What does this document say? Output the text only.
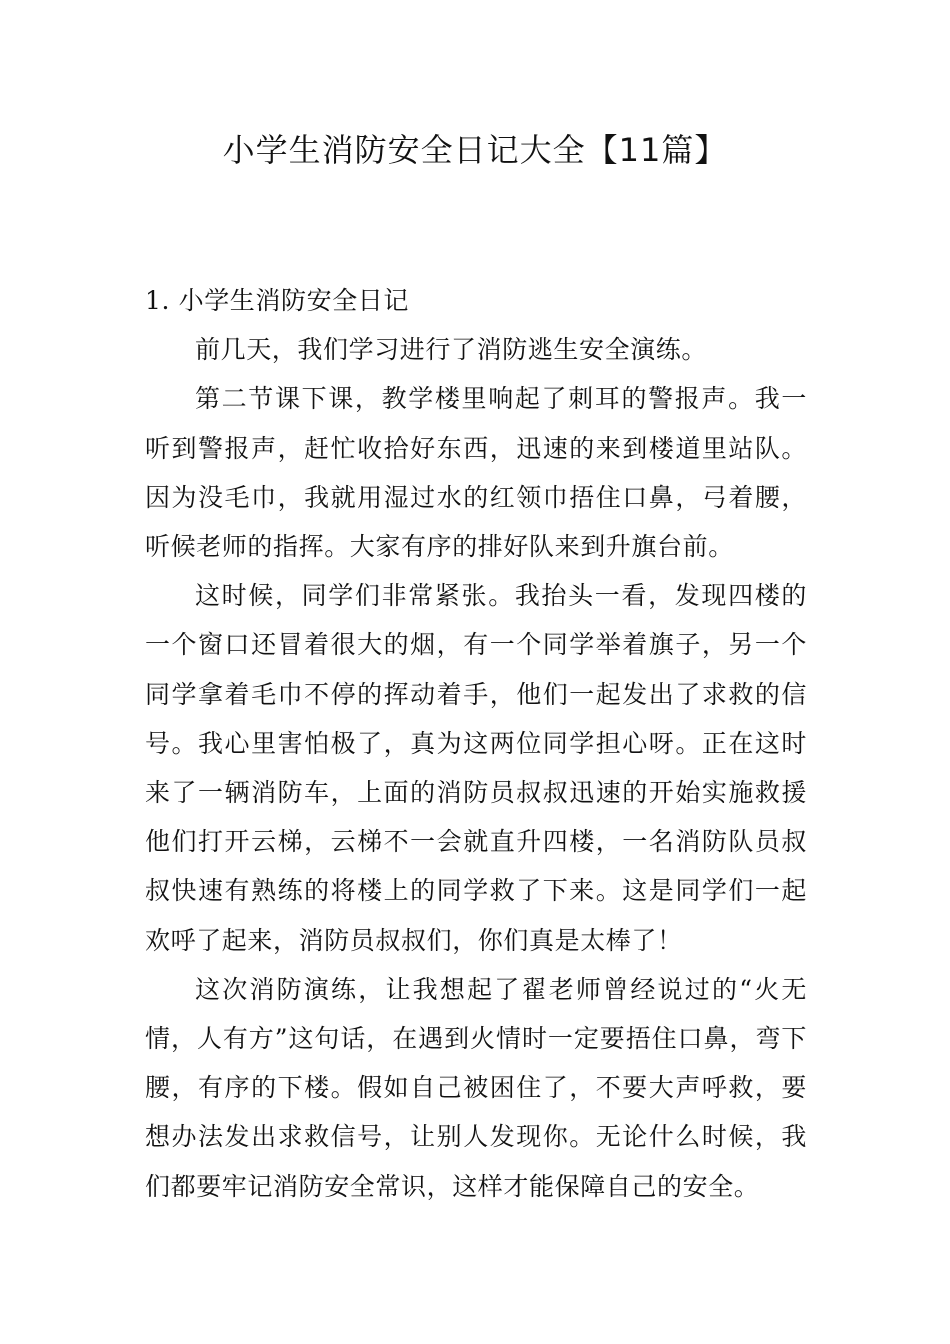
小学生消防安全日记大全【11篇】
1. 小学生消防安全日记

前几天，我们学习进行了消防逃生安全演练。

第二节课下课，教学楼里响起了刺耳的警报声。我一听到警报声，赶忙收拾好东西，迅速的来到楼道里站队。因为没毛巾，我就用湿过水的红领巾捂住口鼻，弓着腰，听候老师的指挥。大家有序的排好队来到升旗台前。

这时候，同学们非常紧张。我抬头一看，发现四楼的一个窗口还冒着很大的烟，有一个同学举着旗子，另一个同学拿着毛巾不停的挥动着手，他们一起发出了求救的信号。我心里害怕极了，真为这两位同学担心呀。正在这时来了一辆消防车，上面的消防员叔叔迅速的开始实施救援他们打开云梯，云梯不一会就直升四楼，一名消防队员叔叔快速有熟练的将楼上的同学救了下来。这是同学们一起欢呼了起来，消防员叔叔们，你们真是太棒了！

这次消防演练，让我想起了翟老师曾经说过的“火无情，人有方”这句话，在遇到火情时一定要捂住口鼻，弯下腰，有序的下楼。假如自己被困住了，不要大声呼救，要想办法发出求救信号，让别人发现你。无论什么时候，我们都要牢记消防安全常识，这样才能保障自己的安全。
